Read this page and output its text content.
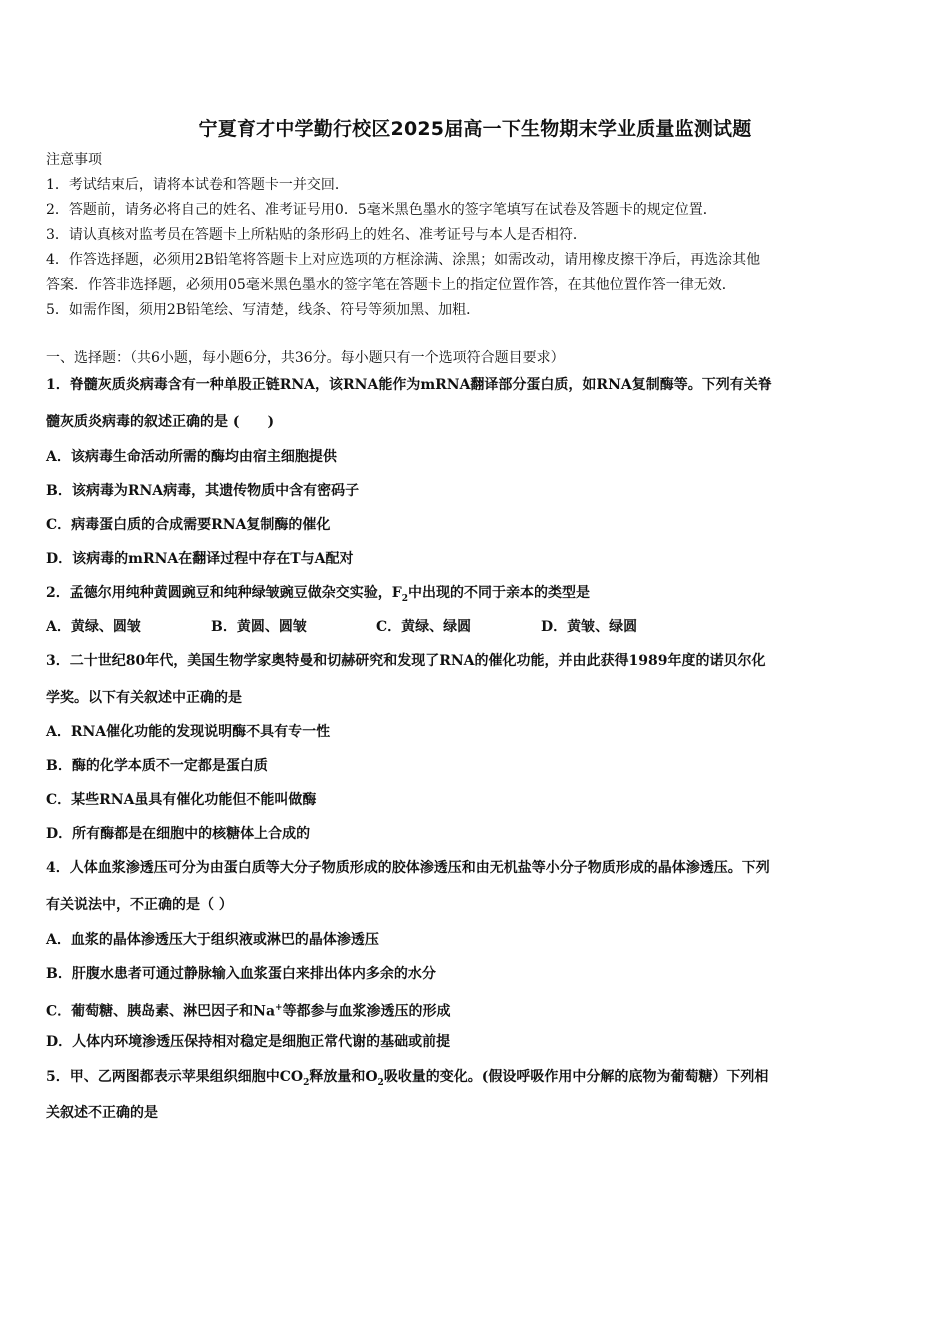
宁夏育才中学勤行校区2025届高一下生物期末学业质量监测试题
注意事项
1．考试结束后，请将本试卷和答题卡一并交回．
2．答题前，请务必将自己的姓名、准考证号用0．5毫米黑色墨水的签字笔填写在试卷及答题卡的规定位置．
3．请认真核对监考员在答题卡上所粘贴的条形码上的姓名、准考证号与本人是否相符．
4．作答选择题，必须用2B铅笔将答题卡上对应选项的方框涂满、涂黑；如需改动，请用橡皮擦干净后，再选涂其他
答案．作答非选择题，必须用05毫米黑色墨水的签字笔在答题卡上的指定位置作答，在其他位置作答一律无效．
5．如需作图，须用2B铅笔绘、写清楚，线条、符号等须加黑、加粗．
一、选择题：（共6小题，每小题6分，共36分。每小题只有一个选项符合题目要求）
1．脊髓灰质炎病毒含有一种单股正链RNA，该RNA能作为mRNA翻译部分蛋白质，如RNA复制酶等。下列有关脊
髓灰质炎病毒的叙述正确的是 (　　)
A．该病毒生命活动所需的酶均由宿主细胞提供
B．该病毒为RNA病毒，其遗传物质中含有密码子
C．病毒蛋白质的合成需要RNA复制酶的催化
D．该病毒的mRNA在翻译过程中存在T与A配对
2．孟德尔用纯种黄圆豌豆和纯种绿皱豌豆做杂交实验，$F_2$中出现的不同于亲本的类型是
A．黄绿、圆皱	B．黄圆、圆皱	C．黄绿、绿圆	D．黄皱、绿圆
3．二十世纪80年代，美国生物学家奥特曼和切赫研究和发现了RNA的催化功能，并由此获得1989年度的诺贝尔化
学奖。以下有关叙述中正确的是
A．RNA催化功能的发现说明酶不具有专一性
B．酶的化学本质不一定都是蛋白质
C．某些RNA虽具有催化功能但不能叫做酶
D．所有酶都是在细胞中的核糖体上合成的
4．人体血浆渗透压可分为由蛋白质等大分子物质形成的胶体渗透压和由无机盐等小分子物质形成的晶体渗透压。下列
有关说法中，不正确的是（ ）
A．血浆的晶体渗透压大于组织液或淋巴的晶体渗透压
B．肝腹水患者可通过静脉输入血浆蛋白来排出体内多余的水分
C．葡萄糖、胰岛素、淋巴因子和Na+等都参与血浆渗透压的形成
D．人体内环境渗透压保持相对稳定是细胞正常代谢的基础或前提
5．甲、乙两图都表示苹果组织细胞中$CO_2$释放量和$O_2$吸收量的变化。(假设呼吸作用中分解的底物为葡萄糖）下列相
关叙述不正确的是
